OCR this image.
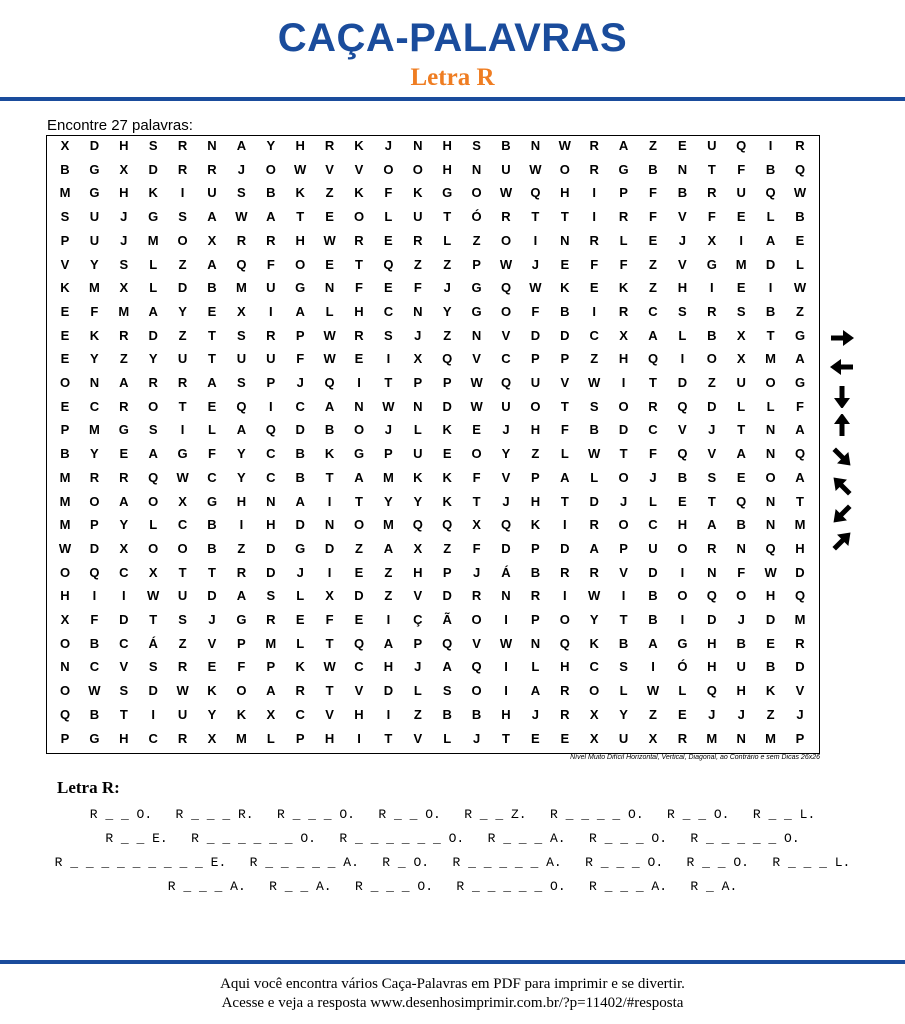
CAÇA-PALAVRAS
Letra R
Encontre 27 palavras:
X	D	H	S	R	N	A	Y	H	R	K	J	N	H	S	B	N	W	R	A	Z	E	U	Q	I	R
B	G	X	D	R	R	J	O	W	V	V	O	O	H	N	U	W	O	R	G	B	N	T	F	B	Q
M	G	H	K	I	U	S	B	K	Z	K	F	K	G	O	W	Q	H	I	P	F	B	R	U	Q	W
S	U	J	G	S	A	W	A	T	E	O	L	U	T	Ó	R	T	T	I	R	F	V	F	E	L	B
P	U	J	M	O	X	R	R	H	W	R	E	R	L	Z	O	I	N	R	L	E	J	X	I	A	E
V	Y	S	L	Z	A	Q	F	O	E	T	Q	Z	Z	P	W	J	E	F	F	Z	V	G	M	D	L
K	M	X	L	D	B	M	U	G	N	F	E	F	J	G	Q	W	K	E	K	Z	H	I	E	I	W
E	F	M	A	Y	E	X	I	A	L	H	C	N	Y	G	O	F	B	I	R	C	S	R	S	B	Z
E	K	R	D	Z	T	S	R	P	W	R	S	J	Z	N	V	D	D	C	X	A	L	B	X	T	G
E	Y	Z	Y	U	T	U	U	F	W	E	I	X	Q	V	C	P	P	Z	H	Q	I	O	X	M	A
O	N	A	R	R	A	S	P	J	Q	I	T	P	P	W	Q	U	V	W	I	T	D	Z	U	O	G
E	C	R	O	T	E	Q	I	C	A	N	W	N	D	W	U	O	T	S	O	R	Q	D	L	L	F
P	M	G	S	I	L	A	Q	D	B	O	J	L	K	E	J	H	F	B	D	C	V	J	T	N	A
B	Y	E	A	G	F	Y	C	B	K	G	P	U	E	O	Y	Z	L	W	T	F	Q	V	A	N	Q
M	R	R	Q	W	C	Y	C	B	T	A	M	K	K	F	V	P	A	L	O	J	B	S	E	O	A
M	O	A	O	X	G	H	N	A	I	T	Y	Y	K	T	J	H	T	D	J	L	E	T	Q	N	T
M	P	Y	L	C	B	I	H	D	N	O	M	Q	Q	X	Q	K	I	R	O	C	H	A	B	N	M
W	D	X	O	O	B	Z	D	G	D	Z	A	X	Z	F	D	P	D	A	P	U	O	R	N	Q	H
O	Q	C	X	T	T	R	D	J	I	E	Z	H	P	J	Á	B	R	R	V	D	I	N	F	W	D
H	I	I	W	U	D	A	S	L	X	D	Z	V	D	R	N	R	I	W	I	B	O	Q	O	H	Q
X	F	D	T	S	J	G	R	E	F	E	I	Ç	Ã	O	I	P	O	Y	T	B	I	D	J	D	M
O	B	C	Á	Z	V	P	M	L	T	Q	A	P	Q	V	W	N	Q	K	B	A	G	H	B	E	R
N	C	V	S	R	E	F	P	K	W	C	H	J	A	Q	I	L	H	C	S	I	Ó	H	U	B	D
O	W	S	D	W	K	O	A	R	T	V	D	L	S	O	I	A	R	O	L	W	L	Q	H	K	V
Q	B	T	I	U	Y	K	X	C	V	H	I	Z	B	B	H	J	R	X	Y	Z	E	J	J	Z	J
P	G	H	C	R	X	M	L	P	H	I	T	V	L	J	T	E	E	X	U	X	R	M	N	M	P
Nível Muito Difícil Horizontal, Vertical, Diagonal, ao Contrário e sem Dicas 26x26
Letra R:
R _ _ O.   R _ _ _ R.   R _ _ _ O.   R _ _ O.   R _ _ Z.   R _ _ _ _ O.   R _ _ O.   R _ _ L.
R _ _ E.   R _ _ _ _ _ _ O.   R _ _ _ _ _ _ O.   R _ _ _ A.   R _ _ _ O.   R _ _ _ _ _ O.
R _ _ _ _ _ _ _ _ _ E.   R _ _ _ _ _ A.   R _ O.   R _ _ _ _ _ A.   R _ _ _ O.   R _ _ O.   R _ _ _ L.
R _ _ _ A.   R _ _ A.   R _ _ _ O.   R _ _ _ _ _ O.   R _ _ _ A.   R _ A.
Aqui você encontra vários Caça-Palavras em PDF para imprimir e se divertir.
Acesse e veja a resposta www.desenhosimprimir.com.br/?p=11402/#resposta
